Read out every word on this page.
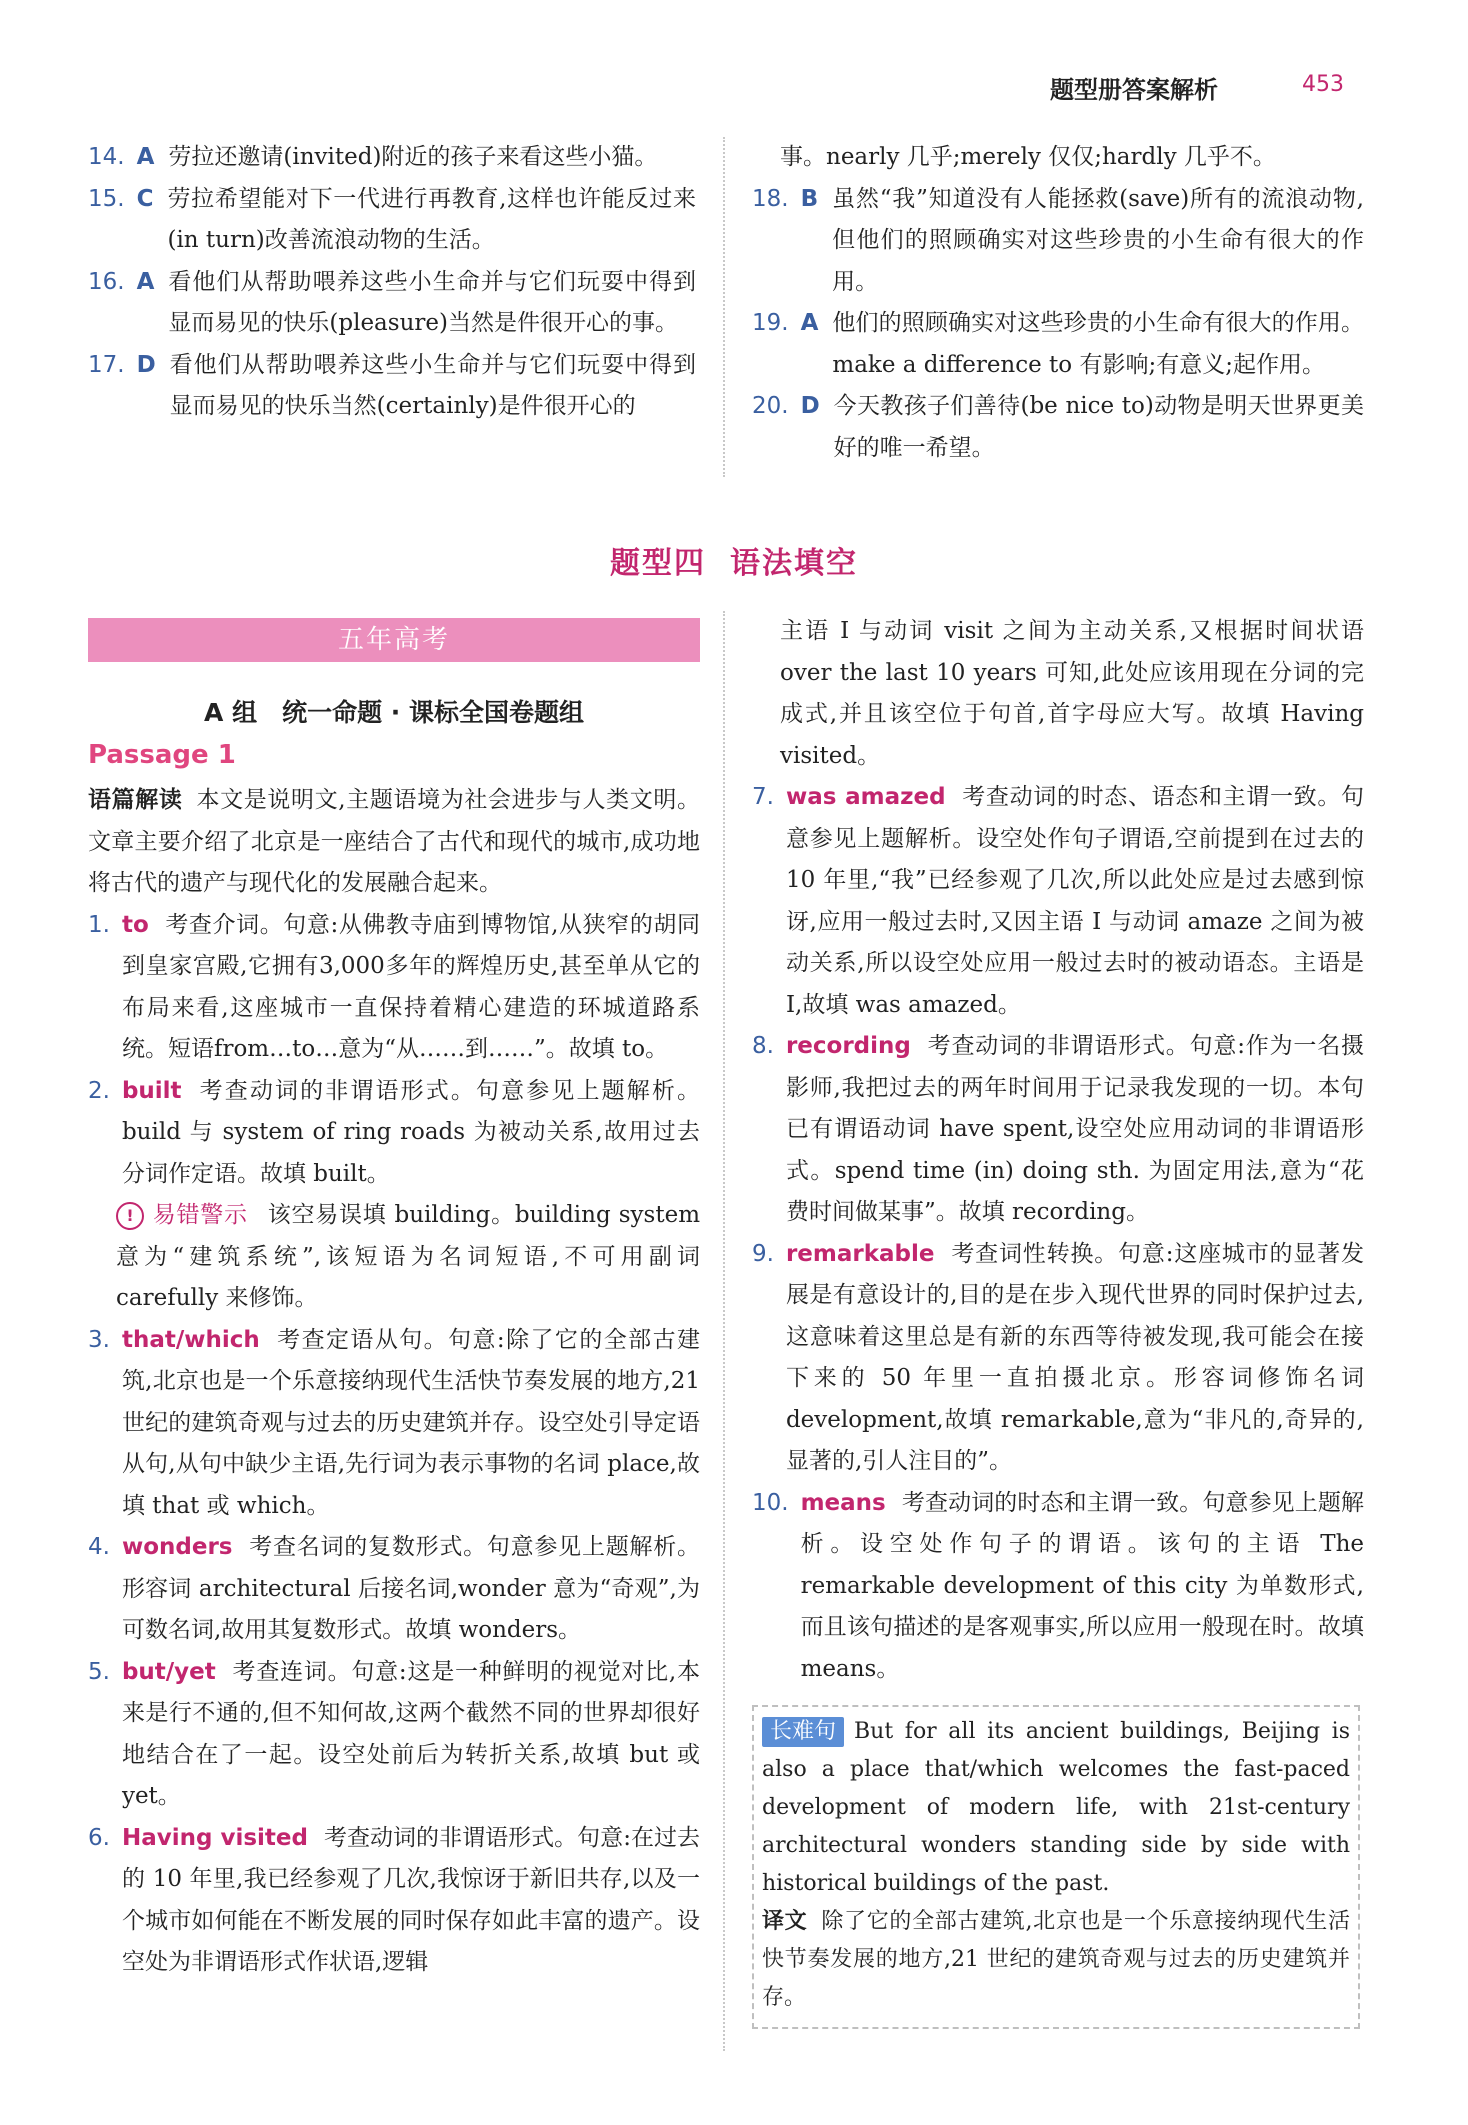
题型册答案解析	453
14. A 劳拉还邀请(invited)附近的孩子来看这些小猫。
15. C 劳拉希望能对下一代进行再教育,这样也许能反过来(in turn)改善流浪动物的生活。
16. A 看他们从帮助喂养这些小生命并与它们玩耍中得到显而易见的快乐(pleasure)当然是件很开心的事。
17. D 看他们从帮助喂养这些小生命并与它们玩耍中得到显而易见的快乐当然(certainly)是件很开心的
事。nearly 几乎;merely 仅仅;hardly 几乎不。
18. B 虽然“我”知道没有人能拯救(save)所有的流浪动物,但他们的照顾确实对这些珍贵的小生命有很大的作用。
19. A 他们的照顾确实对这些珍贵的小生命有很大的作用。make a difference to 有影响;有意义;起作用。
20. D 今天教孩子们善待(be nice to)动物是明天世界更美好的唯一希望。
题型四 语法填空
五年高考
A 组　统一命题 · 课标全国卷题组
Passage 1
语篇解读 本文是说明文,主题语境为社会进步与人类文明。文章主要介绍了北京是一座结合了古代和现代的城市,成功地将古代的遗产与现代化的发展融合起来。
1. to 考查介词。句意:从佛教寺庙到博物馆,从狭窄的胡同到皇家宫殿,它拥有3,000多年的辉煌历史,甚至单从它的布局来看,这座城市一直保持着精心建造的环城道路系统。短语from…to…意为“从……到……”。故填 to。
2. built 考查动词的非谓语形式。句意参见上题解析。build 与 system of ring roads 为被动关系,故用过去分词作定语。故填 built。
! 易错警示 该空易误填 building。building system 意为“建筑系统”,该短语为名词短语,不可用副词 carefully 来修饰。
3. that/which 考查定语从句。句意:除了它的全部古建筑,北京也是一个乐意接纳现代生活快节奏发展的地方,21 世纪的建筑奇观与过去的历史建筑并存。设空处引导定语从句,从句中缺少主语,先行词为表示事物的名词 place,故填 that 或 which。
4. wonders 考查名词的复数形式。句意参见上题解析。形容词 architectural 后接名词,wonder 意为“奇观”,为可数名词,故用其复数形式。故填 wonders。
5. but/yet 考查连词。句意:这是一种鲜明的视觉对比,本来是行不通的,但不知何故,这两个截然不同的世界却很好地结合在了一起。设空处前后为转折关系,故填 but 或 yet。
6. Having visited 考查动词的非谓语形式。句意:在过去的 10 年里,我已经参观了几次,我惊讶于新旧共存,以及一个城市如何能在不断发展的同时保存如此丰富的遗产。设空处为非谓语形式作状语,逻辑
主语 I 与动词 visit 之间为主动关系,又根据时间状语 over the last 10 years 可知,此处应该用现在分词的完成式,并且该空位于句首,首字母应大写。故填 Having visited。
7. was amazed 考查动词的时态、语态和主谓一致。句意参见上题解析。设空处作句子谓语,空前提到在过去的 10 年里,“我”已经参观了几次,所以此处应是过去感到惊讶,应用一般过去时,又因主语 I 与动词 amaze 之间为被动关系,所以设空处应用一般过去时的被动语态。主语是 I,故填 was amazed。
8. recording 考查动词的非谓语形式。句意:作为一名摄影师,我把过去的两年时间用于记录我发现的一切。本句已有谓语动词 have spent,设空处应用动词的非谓语形式。spend time (in) doing sth. 为固定用法,意为“花费时间做某事”。故填 recording。
9. remarkable 考查词性转换。句意:这座城市的显著发展是有意设计的,目的是在步入现代世界的同时保护过去,这意味着这里总是有新的东西等待被发现,我可能会在接下来的 50 年里一直拍摄北京。形容词修饰名词 development,故填 remarkable,意为“非凡的,奇异的,显著的,引人注目的”。
10. means 考查动词的时态和主谓一致。句意参见上题解析。设空处作句子的谓语。该句的主语 The remarkable development of this city 为单数形式,而且该句描述的是客观事实,所以应用一般现在时。故填 means。
长难句 But for all its ancient buildings, Beijing is also a place that/which welcomes the fast-paced development of modern life, with 21st-century architectural wonders standing side by side with historical buildings of the past.
译文 除了它的全部古建筑,北京也是一个乐意接纳现代生活快节奏发展的地方,21 世纪的建筑奇观与过去的历史建筑并存。
